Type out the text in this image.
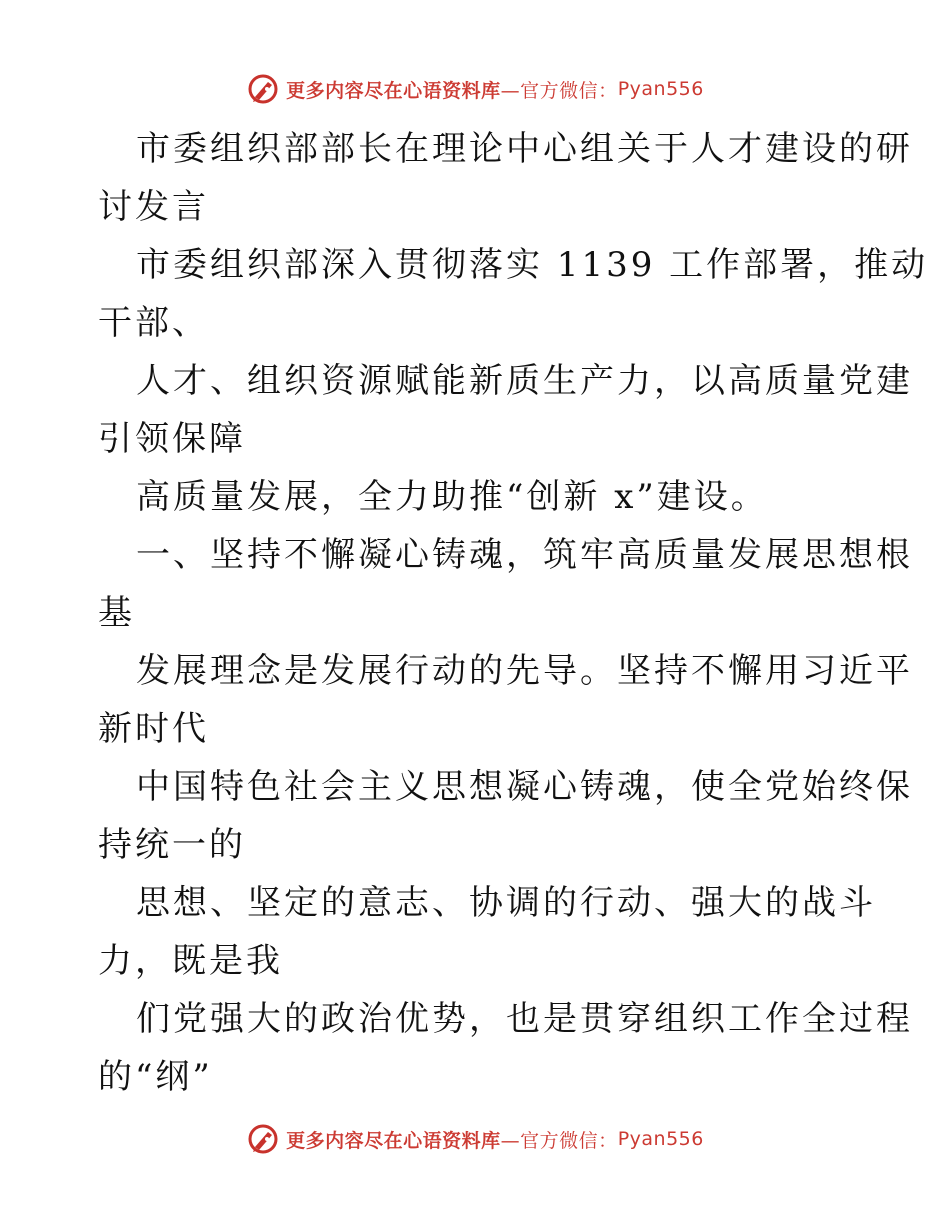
更多内容尽在心语资料库 —官方微信： Pyan556
市委组织部部长在理论中心组关于人才建设的研
讨发言
市委组织部深入贯彻落实 1139 工作部署，推动
干部、
人才、组织资源赋能新质生产力，以高质量党建
引领保障
高质量发展，全力助推“创新 x”建设。
一、坚持不懈凝心铸魂，筑牢高质量发展思想根
基
发展理念是发展行动的先导。坚持不懈用习近平
新时代
中国特色社会主义思想凝心铸魂，使全党始终保
持统一的
思想、坚定的意志、协调的行动、强大的战斗
力，既是我
们党强大的政治优势，也是贯穿组织工作全过程
的“纲”
更多内容尽在心语资料库 —官方微信： Pyan556
